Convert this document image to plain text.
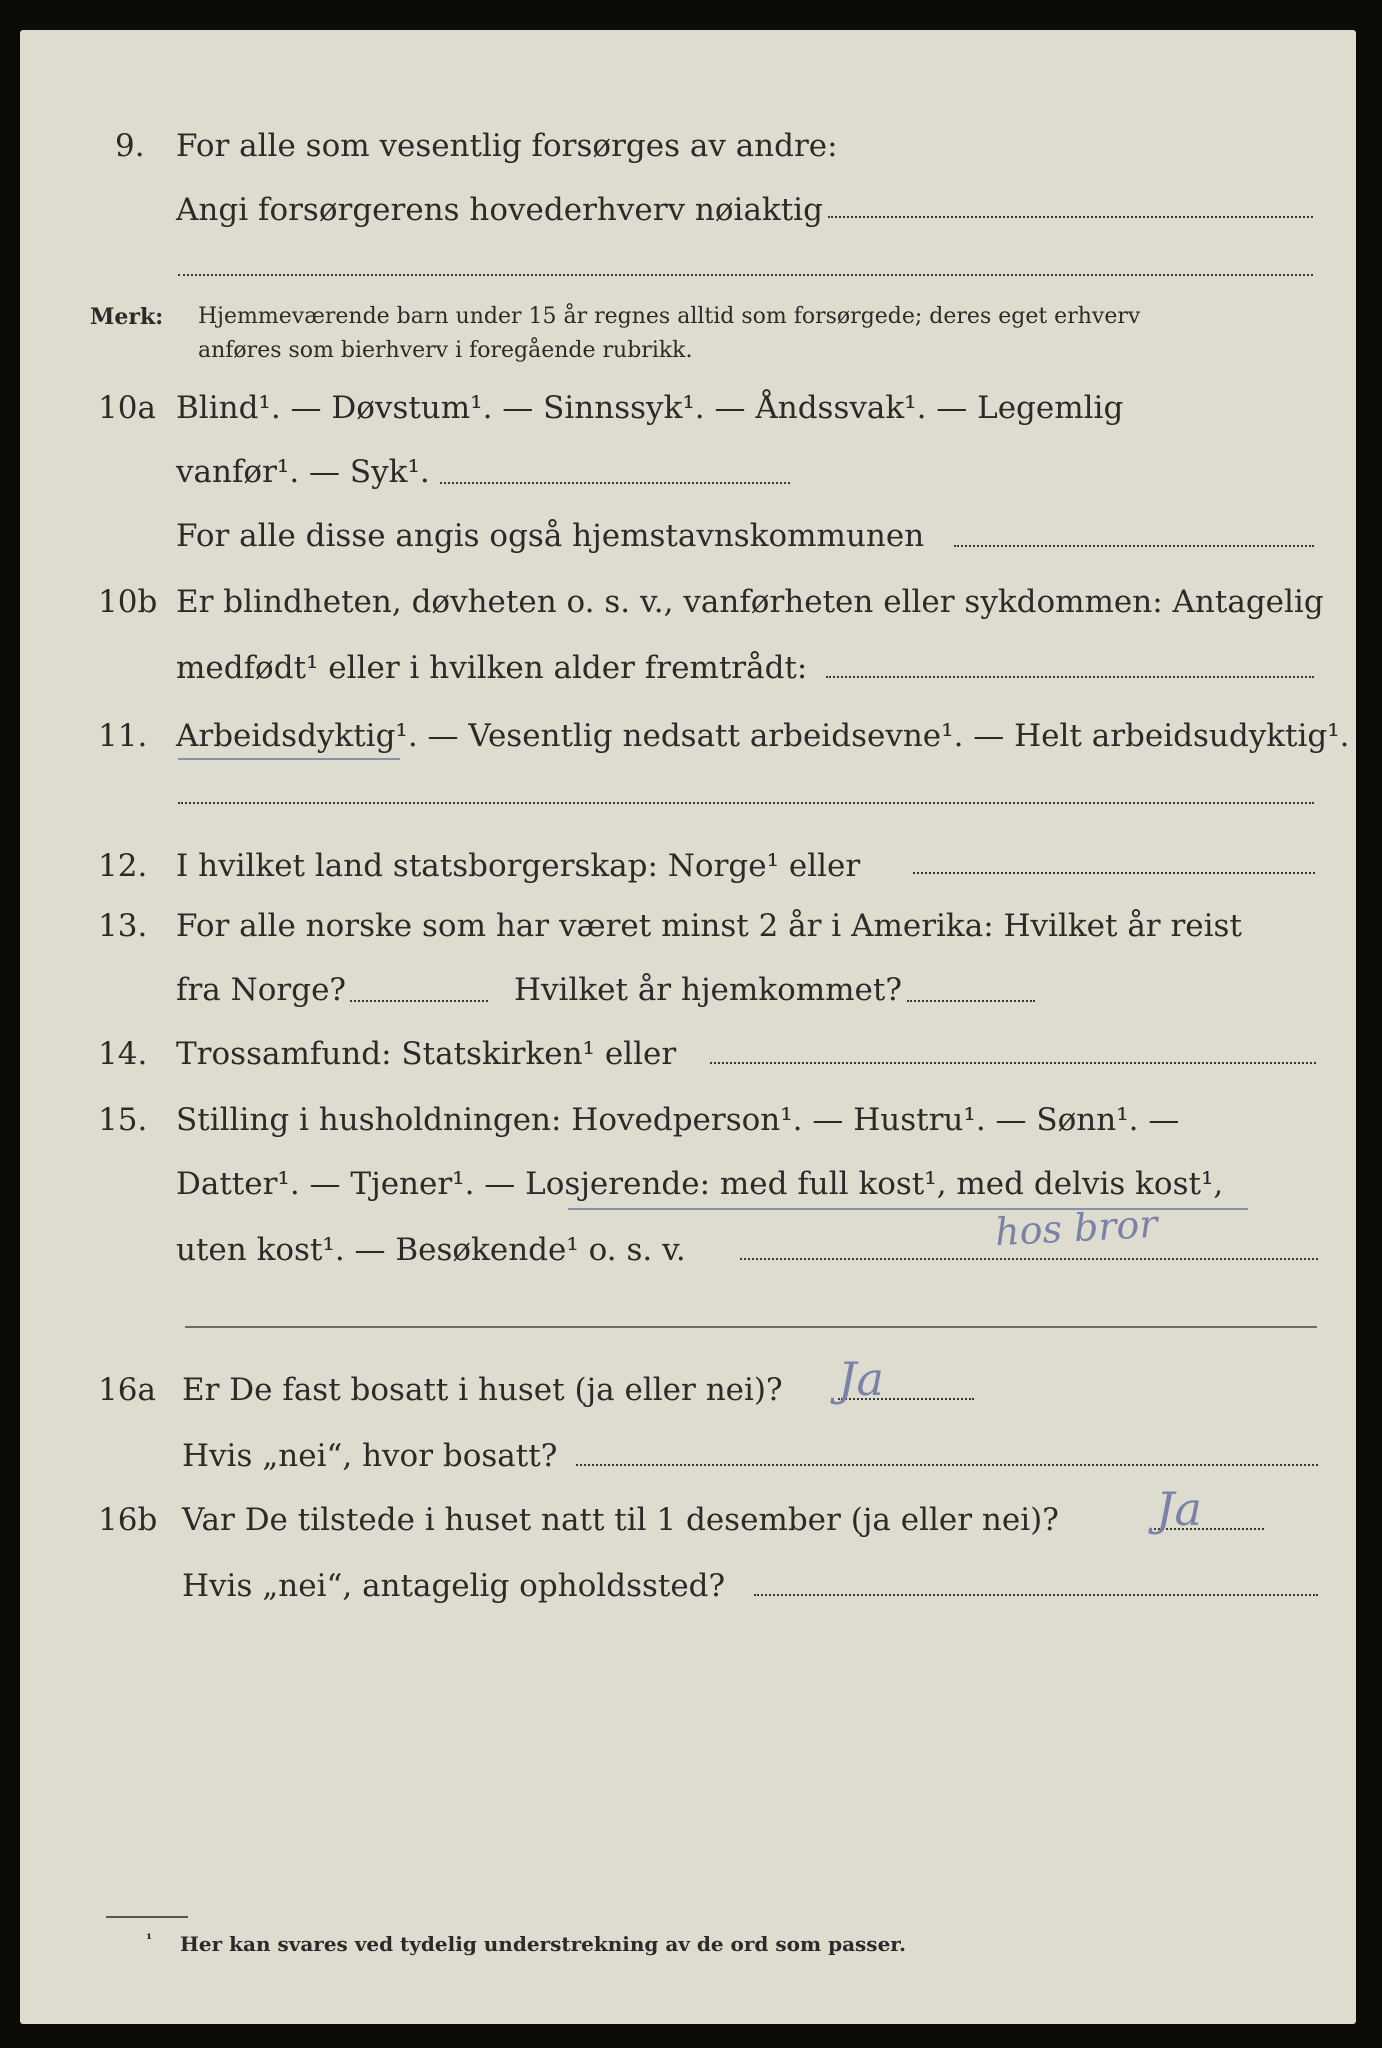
9. For alle som vesentlig forsørges av andre:
Angi forsørgerens hovederhverv nøiaktig
Merk: Hjemmeværende barn under 15 år regnes alltid som forsørgede; deres eget erhverv
anføres som bierhverv i foregående rubrikk.
10a Blind¹. — Døvstum¹. — Sinnssyk¹. — Åndssvak¹. — Legemlig
vanfør¹. — Syk¹.
For alle disse angis også hjemstavnskommunen
10b Er blindheten, døvheten o. s. v., vanførheten eller sykdommen: Antagelig
medfødt¹ eller i hvilken alder fremtrådt:
11. Arbeidsdyktig¹. — Vesentlig nedsatt arbeidsevne¹. — Helt arbeidsudyktig¹.
12. I hvilket land statsborgerskap: Norge¹ eller
13. For alle norske som har været minst 2 år i Amerika: Hvilket år reist
fra Norge?	Hvilket år hjemkommet?
14. Trossamfund: Statskirken¹ eller
15. Stilling i husholdningen: Hovedperson¹. — Hustru¹. — Sønn¹. —
Datter¹. — Tjener¹. — Losjerende: med full kost¹, med delvis kost¹,
uten kost¹. — Besøkende¹ o. s. v.	hos bror
16a Er De fast bosatt i huset (ja eller nei)? Ja
Hvis „nei“, hvor bosatt?
16b Var De tilstede i huset natt til 1 desember (ja eller nei)? Ja
Hvis „nei“, antagelig opholdssted?
¹ Her kan svares ved tydelig understrekning av de ord som passer.
